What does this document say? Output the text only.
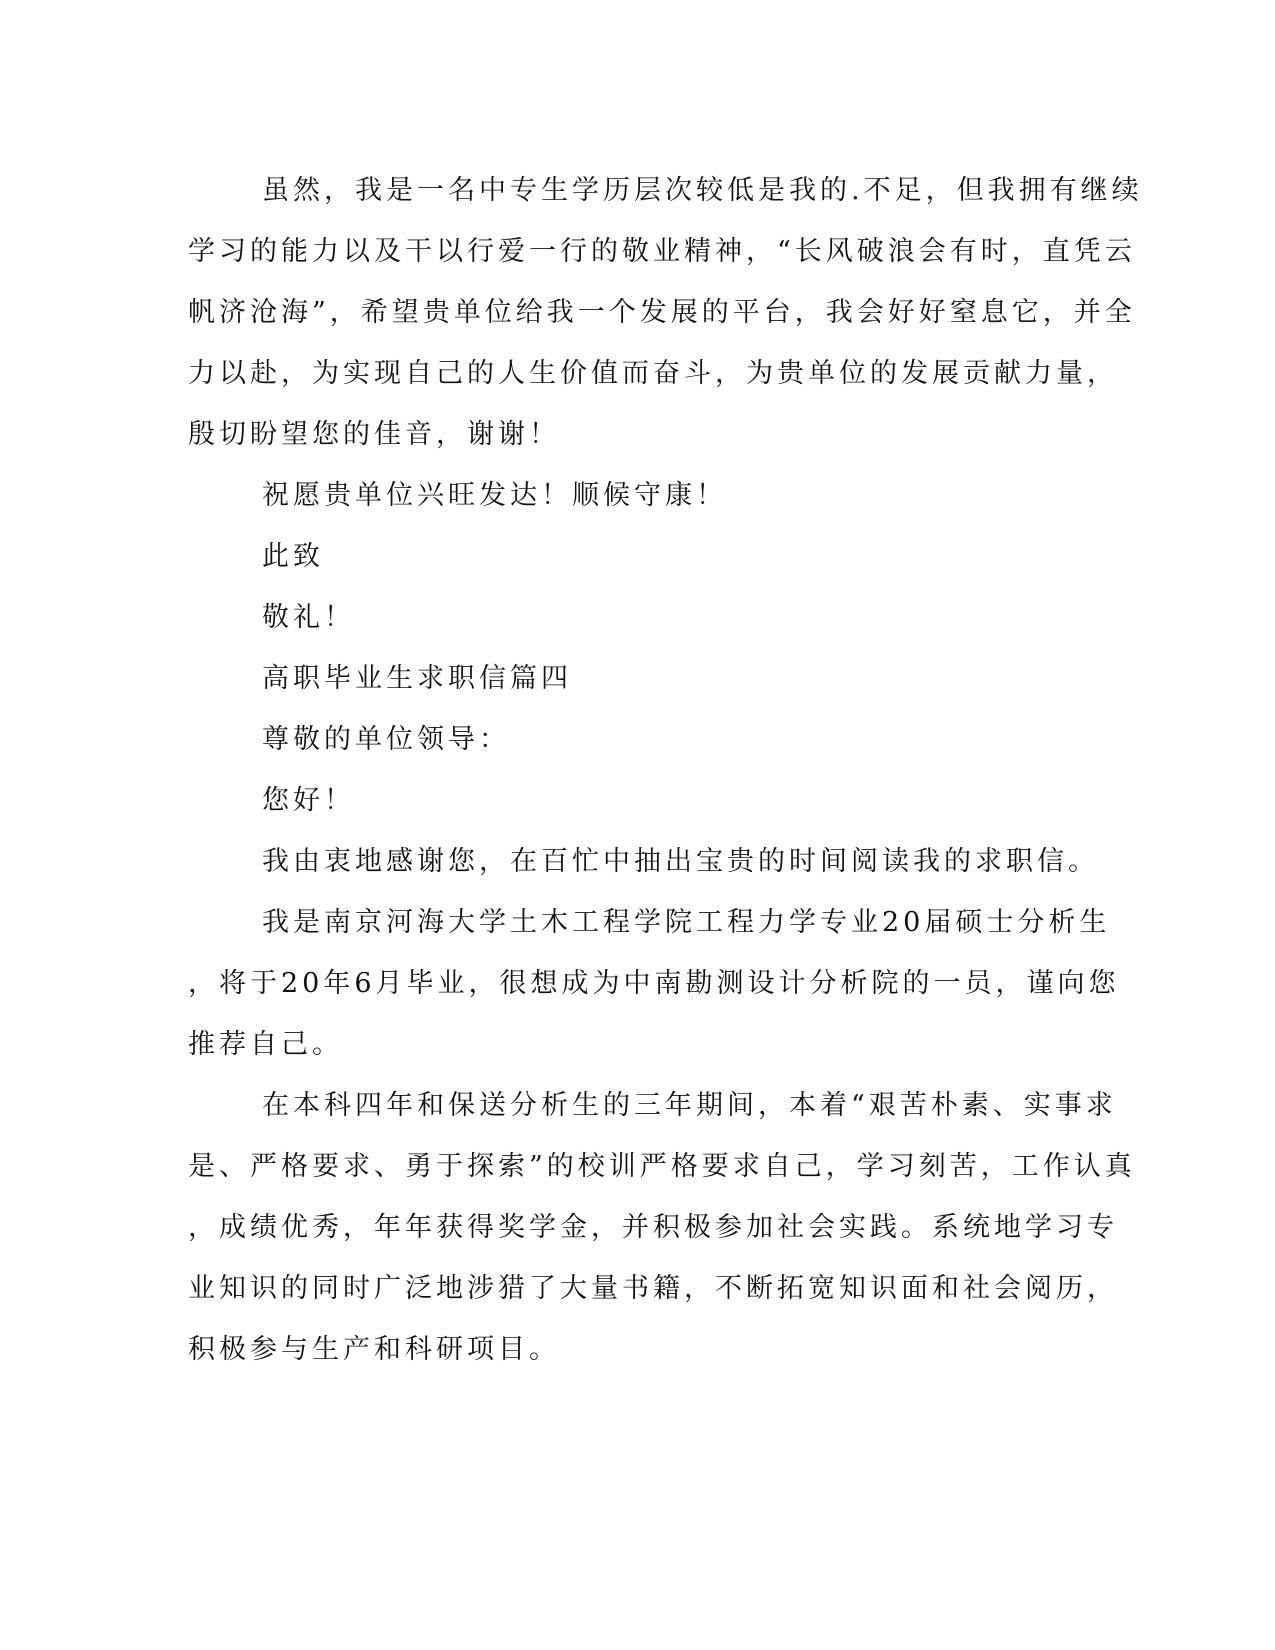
虽然，我是一名中专生学历层次较低是我的.不足，但我拥有继续
学习的能力以及干以行爱一行的敬业精神，“长风破浪会有时，直凭云
帆济沧海”，希望贵单位给我一个发展的平台，我会好好窒息它，并全
力以赴，为实现自己的人生价值而奋斗，为贵单位的发展贡献力量，
殷切盼望您的佳音，谢谢！
祝愿贵单位兴旺发达！顺候守康！
此致
敬礼！
高职毕业生求职信篇四
尊敬的单位领导：
您好！
我由衷地感谢您，在百忙中抽出宝贵的时间阅读我的求职信。
我是南京河海大学土木工程学院工程力学专业20届硕士分析生
，将于20年6月毕业，很想成为中南勘测设计分析院的一员，谨向您
推荐自己。
在本科四年和保送分析生的三年期间，本着“艰苦朴素、实事求
是、严格要求、勇于探索”的校训严格要求自己，学习刻苦，工作认真
，成绩优秀，年年获得奖学金，并积极参加社会实践。系统地学习专
业知识的同时广泛地涉猎了大量书籍，不断拓宽知识面和社会阅历，
积极参与生产和科研项目。
